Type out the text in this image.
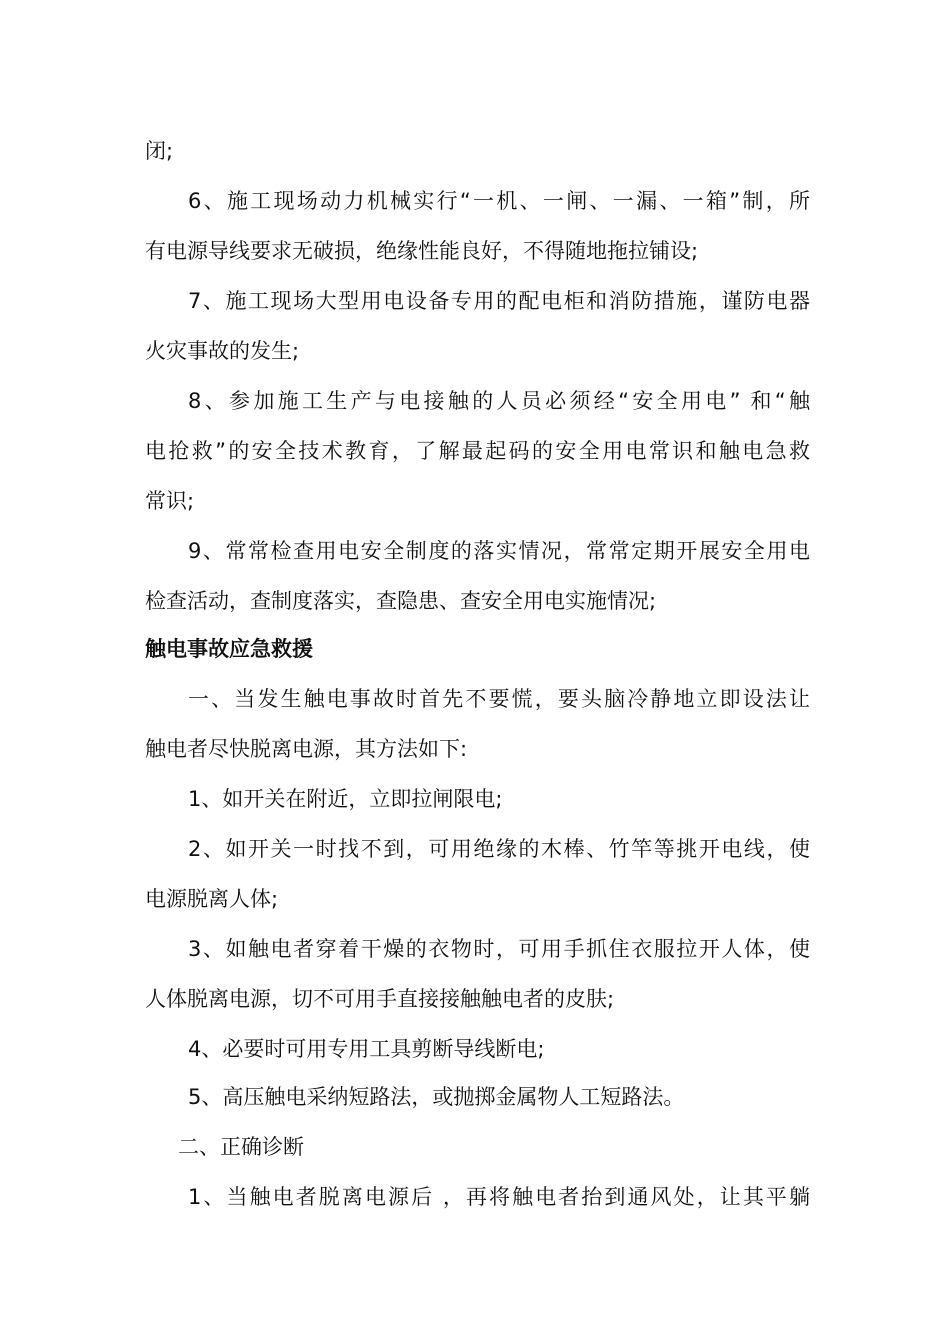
闭;
6、施工现场动力机械实行“一机、一闸、一漏、一箱”制，所
有电源导线要求无破损，绝缘性能良好，不得随地拖拉铺设;
7、施工现场大型用电设备专用的配电柜和消防措施，谨防电器
火灾事故的发生;
8、参加施工生产与电接触的人员必须经“安全用电” 和“触
电抢救”的安全技术教育，了解最起码的安全用电常识和触电急救
常识;
9、常常检查用电安全制度的落实情况，常常定期开展安全用电
检查活动，查制度落实，查隐患、查安全用电实施情况;
触电事故应急救援
一、当发生触电事故时首先不要慌，要头脑冷静地立即设法让
触电者尽快脱离电源，其方法如下:
1、如开关在附近，立即拉闸限电;
2、如开关一时找不到，可用绝缘的木棒、竹竿等挑开电线，使
电源脱离人体;
3、如触电者穿着干燥的衣物时，可用手抓住衣服拉开人体，使
人体脱离电源，切不可用手直接接触触电者的皮肤;
4、必要时可用专用工具剪断导线断电;
5、高压触电采纳短路法，或抛掷金属物人工短路法。
二、正确诊断
1、当触电者脱离电源后 ，再将触电者抬到通风处，让其平躺
